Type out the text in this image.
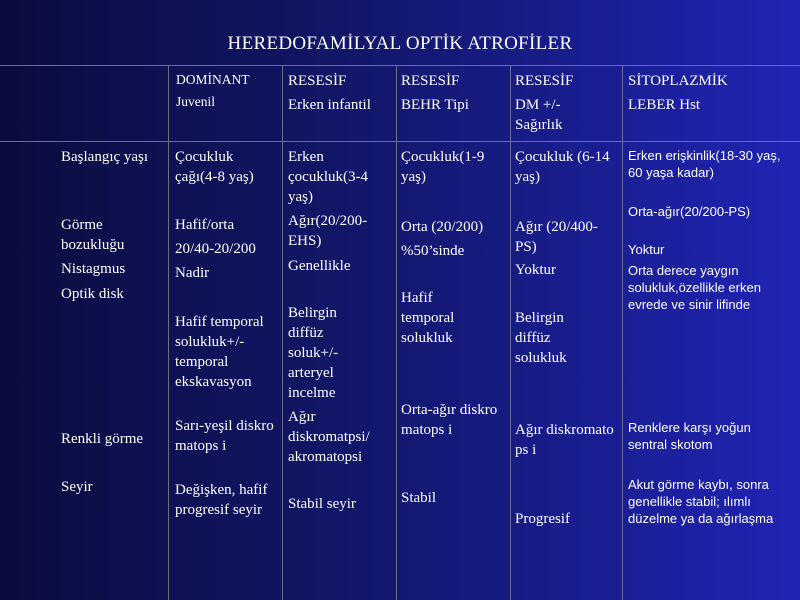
HEREDOFAMİLYAL OPTİK ATROFİLER
DOMİNANT
Juvenil
RESESİF
Erken infantil
RESESİF
BEHR Tipi
RESESİF
DM +/- Sağırlık
SİTOPLAZMİK
LEBER Hst
Başlangıç yaşı
Görme bozukluğu
Nistagmus
Optik disk
Renkli görme
Seyir
Çocukluk çağı(4-8 yaş)
Hafif/orta
20/40-20/200
Nadir
Hafif temporal solukluk+/- temporal ekskavasyon
Sarı-yeşil diskromatops i
Değişken, hafif progresif seyir
Erken çocukluk(3-4 yaş)
Ağır(20/200-EHS)
Genellikle
Belirgin diffüz soluk+/- arteryel incelme
Ağır diskromatpsi/ akromatopsi
Stabil seyir
Çocukluk(1-9 yaş)
Orta (20/200)
%50’sinde
Hafif temporal solukluk
Orta-ağır diskromatops i
Stabil
Çocukluk (6-14 yaş)
Ağır (20/400-PS)
Yoktur
Belirgin diffüz solukluk
Ağır diskromatops i
Progresif
Erken erişkinlik(18-30 yaş, 60 yaşa kadar)
Orta-ağır(20/200-PS)
Yoktur
Orta derece yaygın solukluk,özellikle erken evrede ve sinir lifinde
Renklere karşı yoğun sentral skotom
Akut görme kaybı, sonra genellikle stabil; ılımlı düzelme ya da ağırlaşma
